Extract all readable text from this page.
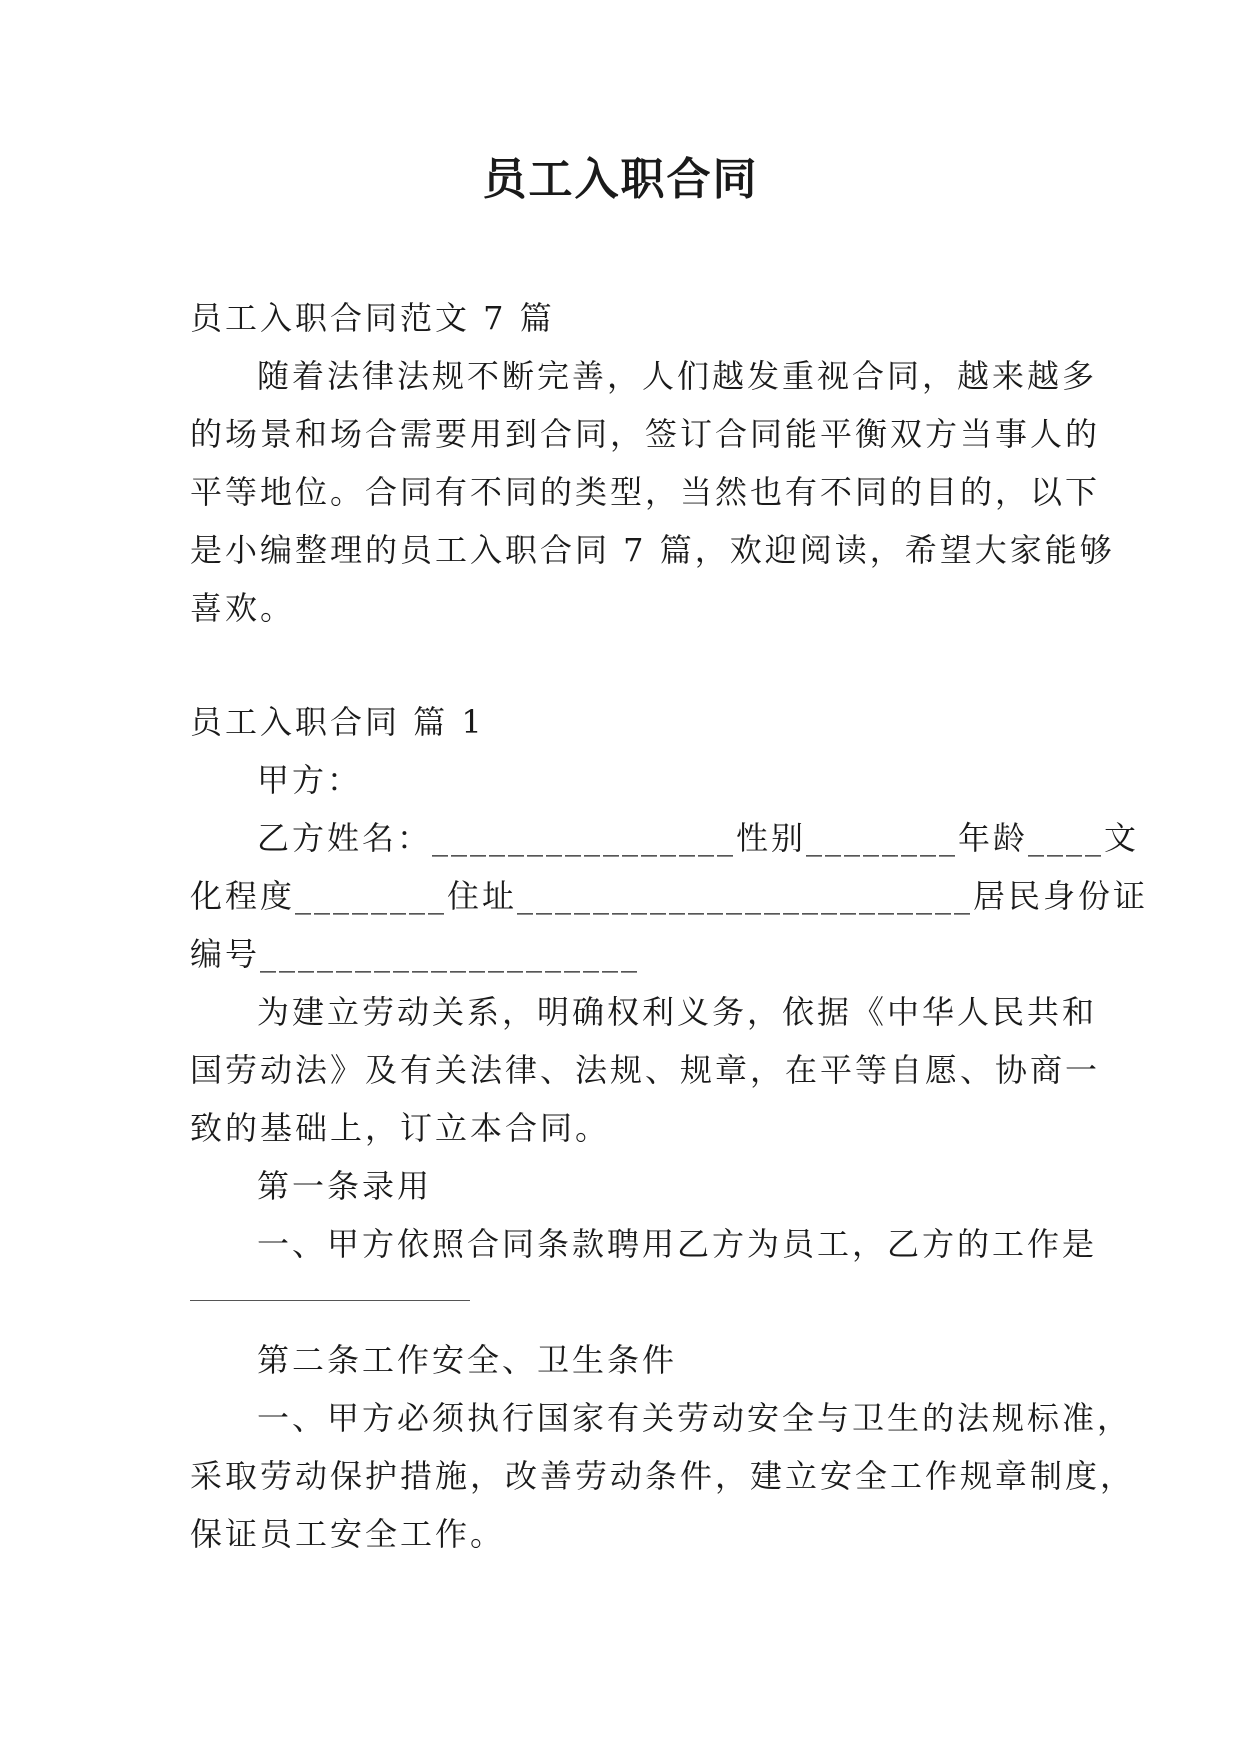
员工入职合同

员工入职合同范文 7 篇

随着法律法规不断完善，人们越发重视合同，越来越多

的场景和场合需要用到合同，签订合同能平衡双方当事人的

平等地位。合同有不同的类型，当然也有不同的目的，以下

是小编整理的员工入职合同 7 篇，欢迎阅读，希望大家能够

喜欢。

员工入职合同 篇 1

甲方：

乙方姓名：________________性别________年龄____文

化程度________住址________________________居民身份证

编号____________________

为建立劳动关系，明确权利义务，依据《中华人民共和

国劳动法》及有关法律、法规、规章，在平等自愿、协商一

致的基础上，订立本合同。

第一条录用

一、甲方依照合同条款聘用乙方为员工，乙方的工作是

第二条工作安全、卫生条件

一、甲方必须执行国家有关劳动安全与卫生的法规标准，

采取劳动保护措施，改善劳动条件，建立安全工作规章制度，

保证员工安全工作。
